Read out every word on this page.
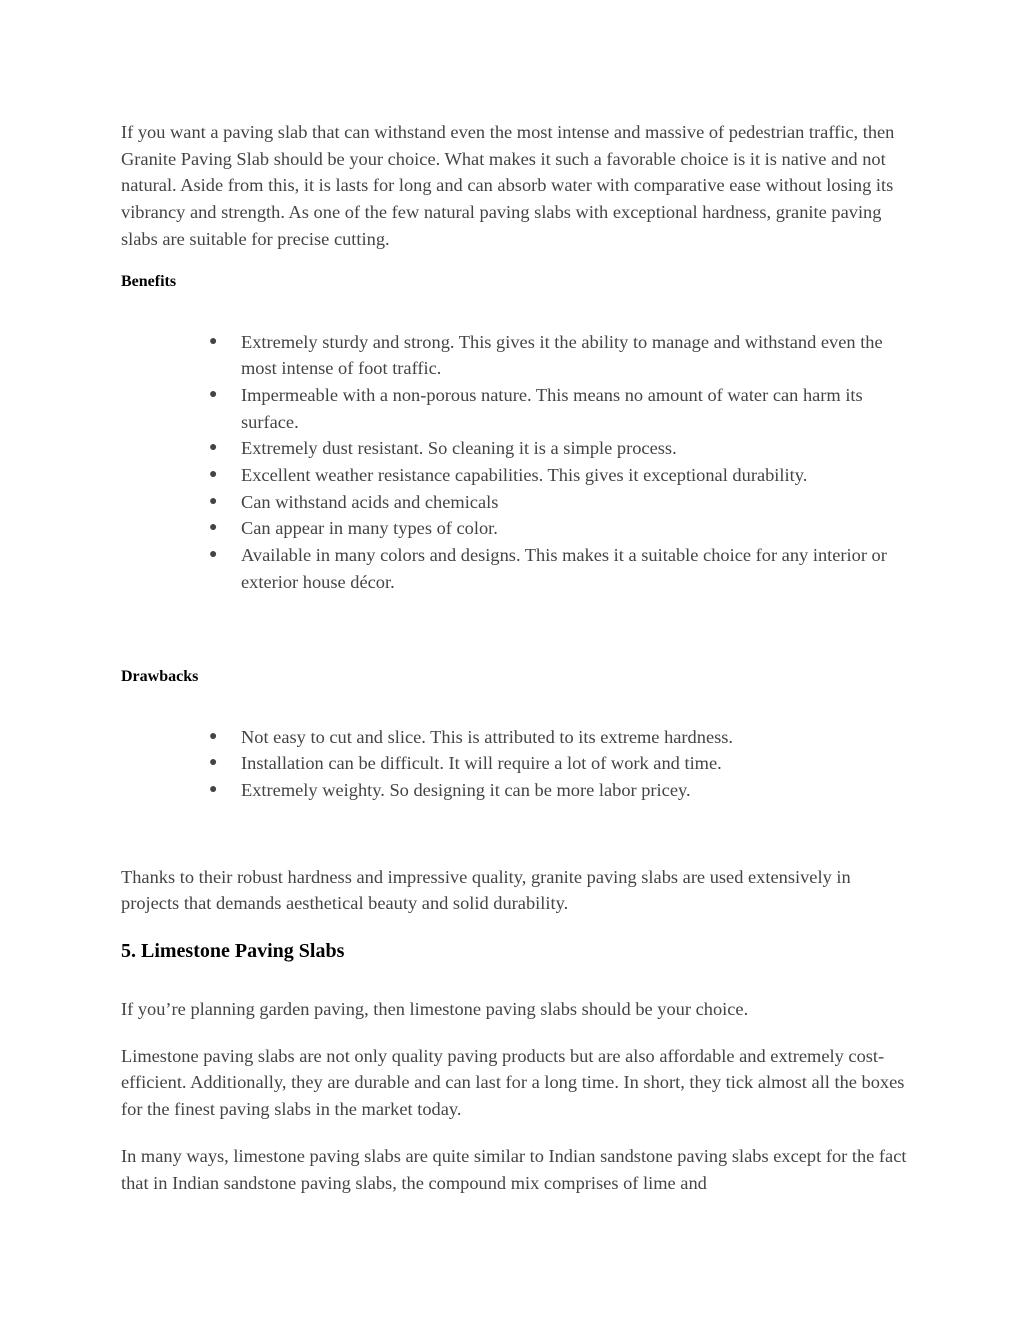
If you want a paving slab that can withstand even the most intense and massive of pedestrian traffic, then Granite Paving Slab should be your choice. What makes it such a favorable choice is it is native and not natural. Aside from this, it is lasts for long and can absorb water with comparative ease without losing its vibrancy and strength. As one of the few natural paving slabs with exceptional hardness, granite paving slabs are suitable for precise cutting.

Benefits

● Extremely sturdy and strong. This gives it the ability to manage and withstand even the most intense of foot traffic.
● Impermeable with a non-porous nature. This means no amount of water can harm its surface.
● Extremely dust resistant. So cleaning it is a simple process.
● Excellent weather resistance capabilities. This gives it exceptional durability.
● Can withstand acids and chemicals
● Can appear in many types of color.
● Available in many colors and designs. This makes it a suitable choice for any interior or exterior house décor.

Drawbacks

● Not easy to cut and slice. This is attributed to its extreme hardness.
● Installation can be difficult. It will require a lot of work and time.
● Extremely weighty. So designing it can be more labor pricey.

Thanks to their robust hardness and impressive quality, granite paving slabs are used extensively in projects that demands aesthetical beauty and solid durability.

5. Limestone Paving Slabs

If you’re planning garden paving, then limestone paving slabs should be your choice.

Limestone paving slabs are not only quality paving products but are also affordable and extremely cost-efficient. Additionally, they are durable and can last for a long time. In short, they tick almost all the boxes for the finest paving slabs in the market today.

In many ways, limestone paving slabs are quite similar to Indian sandstone paving slabs except for the fact that in Indian sandstone paving slabs, the compound mix comprises of lime and
